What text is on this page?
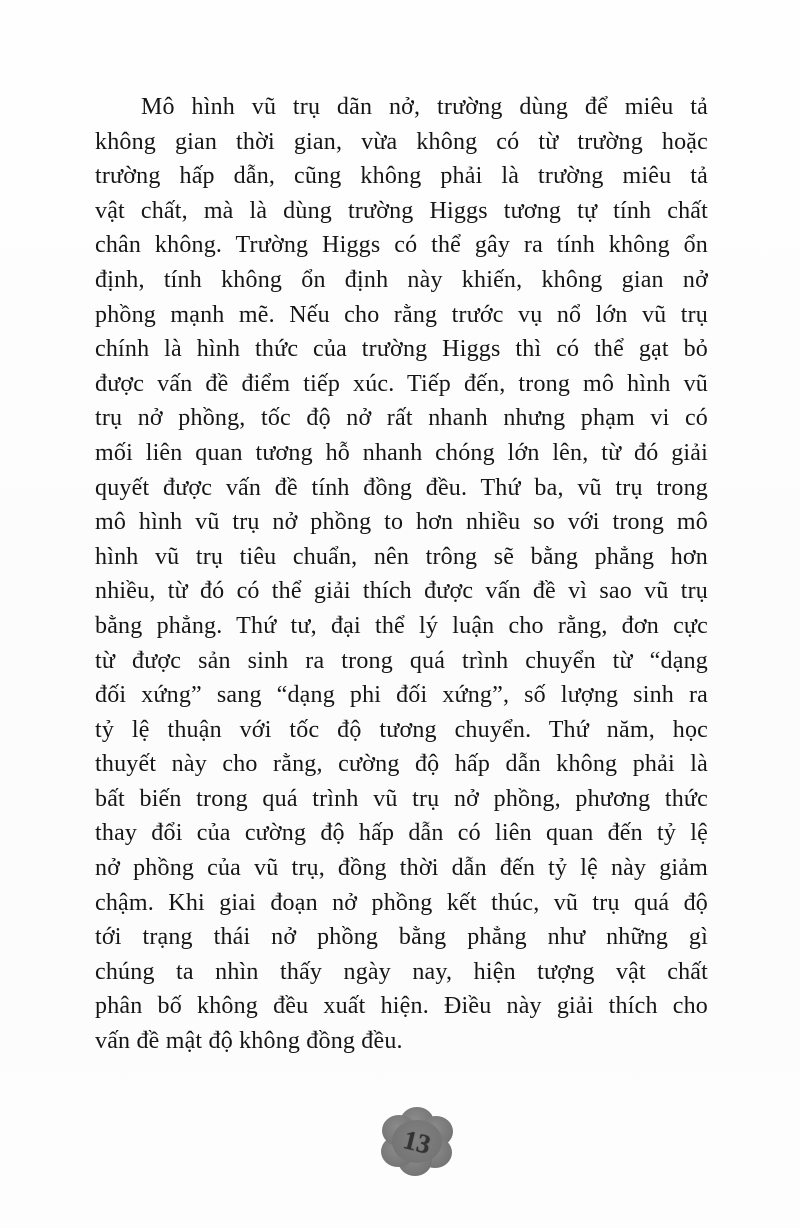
Mô hình vũ trụ dãn nở, trường dùng để miêu tả
không gian thời gian, vừa không có từ trường hoặc
trường hấp dẫn, cũng không phải là trường miêu tả
vật chất, mà là dùng trường Higgs tương tự tính chất
chân không. Trường Higgs có thể gây ra tính không ổn
định, tính không ổn định này khiến, không gian nở
phồng mạnh mẽ. Nếu cho rằng trước vụ nổ lớn vũ trụ
chính là hình thức của trường Higgs thì có thể gạt bỏ
được vấn đề điểm tiếp xúc. Tiếp đến, trong mô hình vũ
trụ nở phồng, tốc độ nở rất nhanh nhưng phạm vi có
mối liên quan tương hỗ nhanh chóng lớn lên, từ đó giải
quyết được vấn đề tính đồng đều. Thứ ba, vũ trụ trong
mô hình vũ trụ nở phồng to hơn nhiều so với trong mô
hình vũ trụ tiêu chuẩn, nên trông sẽ bằng phẳng hơn
nhiều, từ đó có thể giải thích được vấn đề vì sao vũ trụ
bằng phẳng. Thứ tư, đại thể lý luận cho rằng, đơn cực
từ được sản sinh ra trong quá trình chuyển từ “dạng
đối xứng” sang “dạng phi đối xứng”, số lượng sinh ra
tỷ lệ thuận với tốc độ tương chuyển. Thứ năm, học
thuyết này cho rằng, cường độ hấp dẫn không phải là
bất biến trong quá trình vũ trụ nở phồng, phương thức
thay đổi của cường độ hấp dẫn có liên quan đến tỷ lệ
nở phồng của vũ trụ, đồng thời dẫn đến tỷ lệ này giảm
chậm. Khi giai đoạn nở phồng kết thúc, vũ trụ quá độ
tới trạng thái nở phồng bằng phẳng như những gì
chúng ta nhìn thấy ngày nay, hiện tượng vật chất
phân bố không đều xuất hiện. Điều này giải thích cho
vấn đề mật độ không đồng đều.
13
